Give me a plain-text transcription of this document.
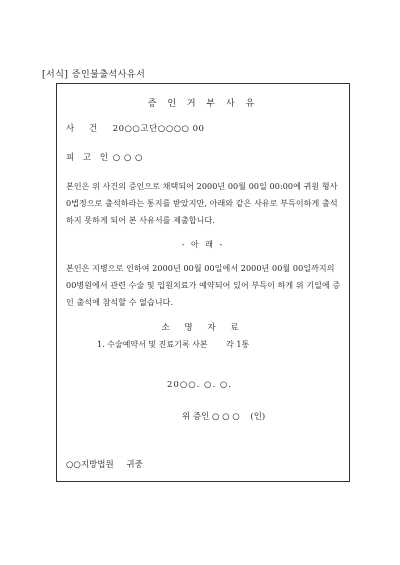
[서식] 증인불출석사유서
증 인 거 부 사 유
사 건 20○○고단○○○○ 00
피 고 인 ○ ○ ○
본인은 위 사건의 증인으로 채택되어 2000년 00월 00일 00:00에 귀원 형사 0법정으로 출석하라는 통지를 받았지만, 아래와 같은 사유로 부득이하게 출석하지 못하게 되어 본 사유서를 제출합니다.
- 아 래 -
본인은 지병으로 인하여 2000년 00월 00일에서 2000년 00월 00일까지의 00병원에서 관련 수술 및 입원치료가 예약되어 있어 부득이 하게 위 기일에 증인 출석에 참석할 수 없습니다.
소 명 자 료
1. 수술예약서 및 진료기록 사본 각 1통
20○○. ○. ○.
위 증인 ○ ○ ○ (인)
○○지방법원 귀중
